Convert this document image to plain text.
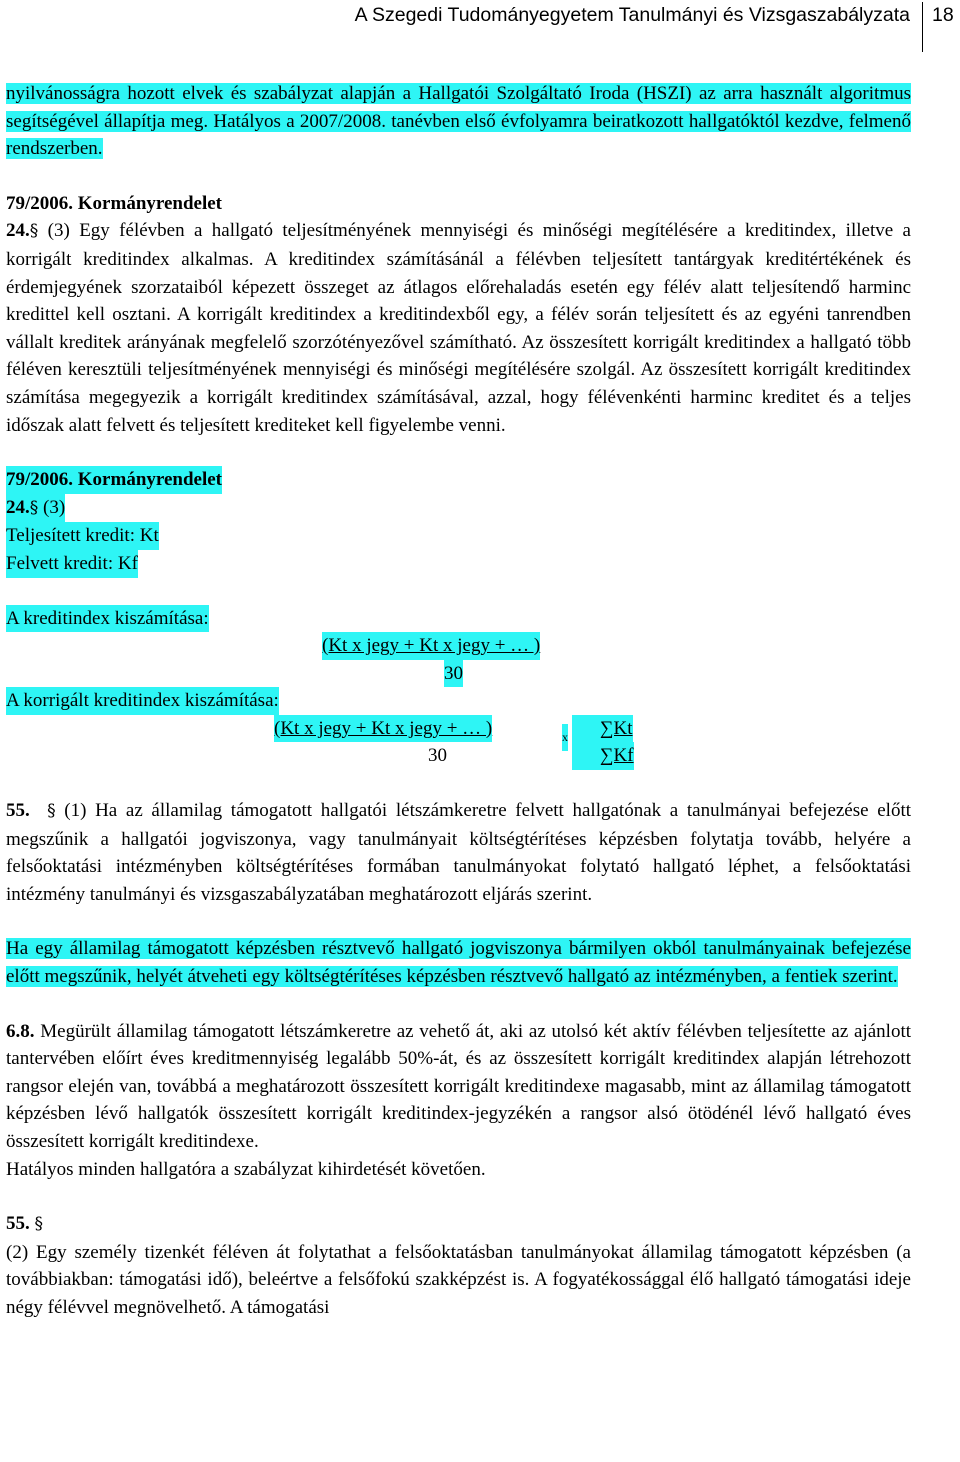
A Szegedi Tudományegyetem Tanulmányi és Vizsgaszabályzata 18

nyilvánosságra hozott elvek és szabályzat alapján a Hallgatói Szolgáltató Iroda (HSZI) az arra használt algoritmus segítségével állapítja meg. Hatályos a 2007/2008. tanévben első évfolyamra beiratkozott hallgatóktól kezdve, felmenő rendszerben.

79/2006. Kormányrendelet

24.§ (3) Egy félévben a hallgató teljesítményének mennyiségi és minőségi megítélésére a kreditindex, illetve a korrigált kreditindex alkalmas. A kreditindex számításánál a félévben teljesített tantárgyak kreditértékének és érdemjegyének szorzataiból képezett összeget az átlagos előrehaladás esetén egy félév alatt teljesítendő harminc kredittel kell osztani. A korrigált kreditindex a kreditindexből egy, a félév során teljesített és az egyéni tanrendben vállalt kreditek arányának megfelelő szorzótényezővel számítható. Az összesített korrigált kreditindex a hallgató több féléven keresztüli teljesítményének mennyiségi és minőségi megítélésére szolgál. Az összesített korrigált kreditindex számítása megegyezik a korrigált kreditindex számításával, azzal, hogy félévenkénti harminc kreditet és a teljes időszak alatt felvett és teljesített krediteket kell figyelembe venni.

79/2006. Kormányrendelet
24.§ (3)
Teljesített kredit: Kt
Felvett kredit: Kf
A kreditindex kiszámítása:
(Kt x jegy + Kt x jegy + … )
30
A korrigált kreditindex kiszámítása:
(Kt x jegy + Kt x jegy + … )	x	∑Kt
30	∑Kf

55. § (1) Ha az államilag támogatott hallgatói létszámkeretre felvett hallgatónak a tanulmányai befejezése előtt megszűnik a hallgatói jogviszonya, vagy tanulmányait költségtérítéses képzésben folytatja tovább, helyére a felsőoktatási intézményben költségtérítéses formában tanulmányokat folytató hallgató léphet, a felsőoktatási intézmény tanulmányi és vizsgaszabályzatában meghatározott eljárás szerint.

Ha egy államilag támogatott képzésben résztvevő hallgató jogviszonya bármilyen okból tanulmányainak befejezése előtt megszűnik, helyét átveheti egy költségtérítéses képzésben résztvevő hallgató az intézményben, a fentiek szerint.

6.8. Megürült államilag támogatott létszámkeretre az vehető át, aki az utolsó két aktív félévben teljesítette az ajánlott tantervében előírt éves kreditmennyiség legalább 50%-át, és az összesített korrigált kreditindex alapján létrehozott rangsor elején van, továbbá a meghatározott összesített korrigált kreditindexe magasabb, mint az államilag támogatott képzésben lévő hallgatók összesített korrigált kreditindex-jegyzékén a rangsor alsó ötödénél lévő hallgató éves összesített korrigált kreditindexe.

Hatályos minden hallgatóra a szabályzat kihirdetését követően.

55. §

(2) Egy személy tizenkét féléven át folytathat a felsőoktatásban tanulmányokat államilag támogatott képzésben (a továbbiakban: támogatási idő), beleértve a felsőfokú szakképzést is. A fogyatékossággal élő hallgató támogatási ideje négy félévvel megnövelhető. A támogatási
